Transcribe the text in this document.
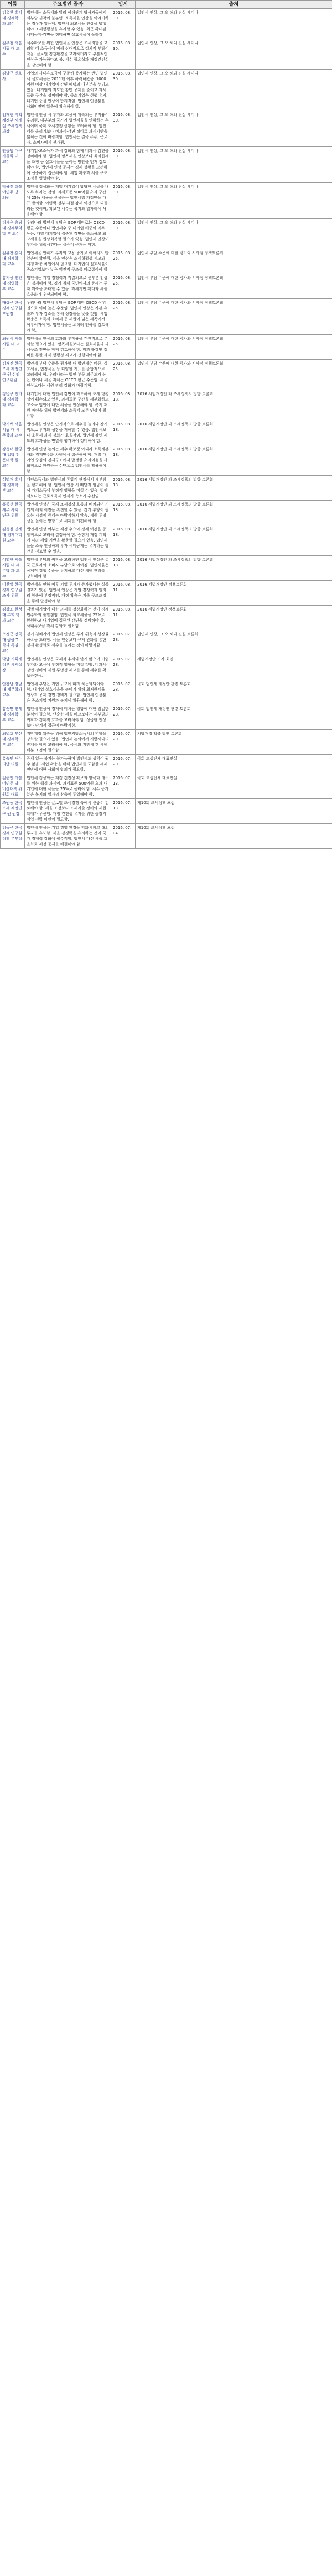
이름	주요법인 골자	일시	출처
김유찬 홍익대 경제학 과 교수	법인세는 소득세와 달리 이해관계 당사자들에게 세부담 귀착이 불분명. 소득세율 인상을 이야기하는 경우가 있는데, 법인세 최고세율 인상을 병행해야 조세형평성을 유지할 수 있음. 최근 확대된 세액공제·감면을 정비하면 실효세율이 올라감.	2016. 08.30.	법인세 인상, 그 오 해와 진실 세미나
김우철 서울시립 대 교수	세수확보를 위한 법인세율 인상은 조세저항을 고려할 때 소득세에 비해 상대적으로 정치적 부담이 작음. 글로벌 경쟁환경을 고려하더라도 부분적인 인상은 가능하다고 봄. 세수 필요성과 재정건전성을 감안해야 함.	2016. 08.30.	법인세 인상, 그 오 해와 진실 세미나
김남근 변호사	기업의 사내유보금이 꾸준히 증가하는 반면 법인세 실효세율은 2011년 이후 하락해왔음. 1000억원 이상 대기업이 감면 혜택의 대부분을 누리고 있음. 대기업의 과도한 감면·공제를 줄이고 과세표준 구간을 정비해야 함. 중소기업은 현행 유지, 대기업 중심 인상이 합리적임. 법인세 인상분을 사회안전망 확충에 활용해야 함.	2016. 08.30.	법인세 인상, 그 오 해와 진실 세미나
임재현 기획재정부 세제실 조세정책 과장	법인세 인상 시 투자와 고용이 위축되는 부작용이 우려됨. 대부분의 국가가 법인세율을 인하하는 추세이며 국제 조세경쟁 상황을 고려해야 함. 법인세를 올리기보다 비과세·감면 정비로 과세기반을 넓히는 것이 바람직함. 법인세는 결국 주주, 근로자, 소비자에게 전가됨.	2016. 08.30.	법인세 인상, 그 오 해와 진실 세미나
안종범 대구가톨릭 대 교수	대기업·고소득자 과세 강화와 함께 비과세·감면을 정비해야 함. 법인세 명목세율 인상보다 최저한세율 조정 등 실효세율을 높이는 방안을 먼저 검토해야 함. 법인세 인상 문제는 경제 상황을 고려하여 신중하게 접근해야 함. 세입 확충과 세출 구조조정을 병행해야 함.	2016. 08.30.	법인세 인상, 그 오 해와 진실 세미나
박용진 더불어민주 당 의원	법인세 정상화는 재벌 대기업이 합당한 세금을 내도록 하자는 것임. 과세표준 500억원 초과 구간에 25% 세율을 신설하는 법인세법 개정안을 대표 발의함. 이명박 정부 시절 감세 이전으로 되돌리는 것이며, 확보된 세수는 복지와 일자리에 사용해야 함.	2016. 08.30.	법인세 인상, 그 오 해와 진실 세미나
정세은 충남대 경제무역학 부 교수	우리나라 법인세 부담은 GDP 대비로는 OECD 평균 수준이나 법인세수 중 대기업 비중이 매우 높음. 재벌 대기업에 집중된 감면을 축소하고 최고세율을 원상회복할 필요가 있음. 법인세 인상이 투자를 위축시킨다는 실증적 근거는 약함.	2016. 08.30.	법인세 인상, 그 오 해와 진실 세미나
김유찬 홍익대 경제학 과 교수	법인세율 인하가 투자와 고용 증가로 이어지지 않았음이 확인됨. 세율 인상은 조세형평성 제고와 재정 확충 차원에서 필요함. 대기업의 실효세율이 중소기업보다 낮은 역진적 구조를 바로잡아야 함.	2016. 08.25.	법인세 부담 수준에 대한 평가와 시사점 정책토론회
홍기용 인천대 경영학 부 교수	법인세는 기업 경쟁력과 직결되므로 섣부른 인상은 경계해야 함. 경기 침체 국면에서의 증세는 투자 위축을 초래할 수 있음. 과세기반 확대와 세출 효율화가 우선되어야 함.	2016. 08.25.	법인세 부담 수준에 대한 평가와 시사점 정책토론회
배상근 한국경제 연구원 부원장	우리나라 법인세 부담은 GDP 대비 OECD 상위권으로 이미 높은 수준임. 법인세 인상은 자본 유출과 투자 감소를 통해 성장률을 낮출 것임. 세입 확충은 소득세·소비세 등 세원이 넓은 세목에서 이루어져야 함. 법인세율은 오히려 인하를 검토해야 함.	2016. 08.25.	법인세 부담 수준에 대한 평가와 시사점 정책토론회
최원석 서울시립 대 교수	법인세율 인상의 효과와 부작용을 객관적으로 분석할 필요가 있음. 명목세율보다는 실효세율과 과세구조 전반을 함께 검토해야 함. 비과세·감면 정비를 통한 과세 형평성 제고가 선행되어야 함.	2016. 08.25.	법인세 부담 수준에 대한 평가와 시사점 정책토론회
김재진 한국조세 재정연구 원 선임 연구위원	법인세 부담 수준을 평가할 때 법인세수 비중, 실효세율, 법정세율 등 다양한 지표를 종합적으로 고려해야 함. 우리나라는 법인 부문 의존도가 높은 편이나 세율 자체는 OECD 평균 수준임. 세율 인상보다는 세원 관리 강화가 바람직함.	2016. 08.25.	법인세 부담 수준에 대한 평가와 시사점 정책토론회
강병구 인하대 경제학 과 교수	대기업에 대한 법인세 감면이 과도하여 조세 형평성이 훼손되고 있음. 과세표준 구간을 세분화하고 고소득 법인에 대한 세율을 인상해야 함. 복지 재원 마련을 위해 법인세와 소득세 모두 인상이 필요함.	2016. 08.18.	2016 세법개정안 과 조세정책의 방향 토론회
박기백 서울시립 대 세무학과 교수	법인세율 인상은 단기적으로 세수를 늘리나 장기적으로 투자와 성장을 저해할 수 있음. 법인세보다 소득세 과세 강화가 효율적임. 법인세 감면 제도의 효과성을 면밀히 평가하여 정비해야 함.	2016. 08.18.	2016 세법개정안 과 조세정책의 방향 토론회
강성태 한양대 법학 전문대학 원 교수	법인세 인상 논의는 세수 확보뿐 아니라 소득재분배와 경제민주화 차원에서 접근해야 함. 재벌 대기업 중심의 경제구조에서 발생한 초과이윤을 사회적으로 환원하는 수단으로 법인세를 활용해야 함.	2016. 08.18.	2016 세법개정안 과 조세정책의 방향 토론회
성명재 홍익대 경제학 부 교수	개인소득세와 법인세의 통합적 관점에서 세부담을 평가해야 함. 법인세 인상 시 배당과 임금이 줄어 가계소득에 부정적 영향을 미칠 수 있음. 법인세보다는 근로소득세 면세자 축소가 우선임.	2016. 08.18.	2016 세법개정안 과 조세정책의 방향 토론회
홍종선 한국세무 사회 연구 위원	법인세 인상은 국제 조세경쟁 흐름과 배치되며 기업의 해외 이전을 촉진할 수 있음. 경기 부양이 필요한 시점에 증세는 바람직하지 않음. 세원 투명성을 높이는 방향으로 세제를 개편해야 함.	2016. 08.18.	2016 세법개정안 과 조세정책의 방향 토론회
김성철 연세대 경제대학 원 교수	법인세 인상 여부는 재정 수요와 경제 여건을 종합적으로 고려해 결정해야 함. 중장기 재정 계획에 따라 세입 기반을 확충할 필요가 있음. 법인세율을 소폭 인상하되 투자 세액공제는 유지하는 방안을 검토할 수 있음.	2016. 08.18.	2016 세법개정안 과 조세정책의 방향 토론회
이영한 서울시립 대 세무학 과 교수	법인세 부담의 귀착을 고려하면 법인세 인상은 결국 근로자와 소비자 부담으로 이어짐. 법인세율은 국제적 경쟁 수준을 유지하고 대신 세원 관리를 강화해야 함.	2016. 08.18.	2016 세법개정안 과 조세정책의 방향 토론회
이찬열 한국경제 연구원 조사 위원	법인세율 인하 이후 기업 투자가 증가했다는 실증 결과가 있음. 법인세 인상은 기업 경쟁력과 일자리 창출에 부정적임. 재정 확충은 지출 구조조정을 통해 달성해야 함.	2016. 08.11.	2016 세법개정안 정책토론회
김상조 한성대 무역 학과 교수	재벌 대기업에 대한 과세를 정상화하는 것이 경제민주화의 출발점임. 법인세 최고세율을 25%로 환원하고 대기업에 집중된 감면을 정비해야 함. 사내유보금 과세 강화도 필요함.	2016. 08.11.	2016 세법개정안 정책토론회
오정근 건국대 금융IT 학과 특임 교수	경기 침체기에 법인세 인상은 투자 위축과 성장률 하락을 초래함. 세율 인상보다 규제 완화를 통한 경제 활성화로 세수를 늘리는 것이 바람직함.	2016. 07.28.	법인세 인상, 그 오 해와 진실 토론회
박남 기획재정부 세제실장	법인세율 인상은 국제적 추세와 맞지 않으며 기업 투자와 고용에 부정적 영향을 미칠 것임. 비과세·감면 정비와 세원 투명성 제고를 통해 세수를 확보하겠음.	2016. 07.28.	세법개정안 기자 회견
안창남 강남대 세무학과 교수	법인세 부담은 기업 규모에 따라 차등화되어야 함. 대기업 실효세율을 높이기 위해 최저한세율 인상과 공제·감면 정비가 필요함. 법인세 인상분은 중소기업 지원과 복지에 활용해야 함.	2016. 07.28.	국회 법인세 개정안 관련 토론회
홍순만 연세대 경제학 부 교수	법인세 인상이 경제에 미치는 영향에 대한 엄밀한 분석이 필요함. 단순한 세율 비교보다는 세부담의 귀착과 경제적 효과를 고려해야 함. 성급한 인상보다 단계적 접근이 바람직함.	2016. 07.28.	국회 법인세 개정안 관련 토론회
최병호 부산대 경제학 부 교수	지방재정 확충을 위해 법인지방소득세의 역할을 강화할 필요가 있음. 법인세 논의에서 지방세와의 관계를 함께 고려해야 함. 국세와 지방세 간 세원 배분 조정이 필요함.	2016. 07.20.	지방재정 확충 방안 토론회
유승민 새누리당 의원	증세 없는 복지는 불가능하며 법인세도 성역이 될 수 없음. 세입 확충을 위해 법인세를 포함한 세제 전반에 대한 사회적 합의가 필요함.	2016. 07.20.	국회 교섭단체 대표연설
김종인 더불어민주 당 비상대책 위원회 대표	법인세 정상화는 재정 건전성 확보와 양극화 해소를 위한 핵심 과제임. 과세표준 500억원 초과 대기업에 대한 세율을 25%로 올려야 함. 세수 증가분은 복지와 일자리 창출에 투입해야 함.	2016. 07.13.	국회 교섭단체 대표연설
조원동 한국조세 재정연구 원 원장	법인세 인상은 글로벌 조세경쟁 속에서 신중히 검토해야 함. 세율 조정보다 조세지출 정비와 세원 확대가 우선임. 재정 건전성 유지를 위한 중장기 세입 전략 마련이 필요함.	2016. 07.13.	제10회 조세정책 포럼
김동근 한국경제 연구원 정책 본부장	법인세 인상은 기업 경영 환경을 악화시키고 해외 투자를 유도함. 세율 경쟁력을 유지하는 것이 국가 경쟁력 강화에 필수적임. 법인세 대신 세출 효율화로 재정 문제를 해결해야 함.	2016. 07.04.	제10회 조세정책 포럼
